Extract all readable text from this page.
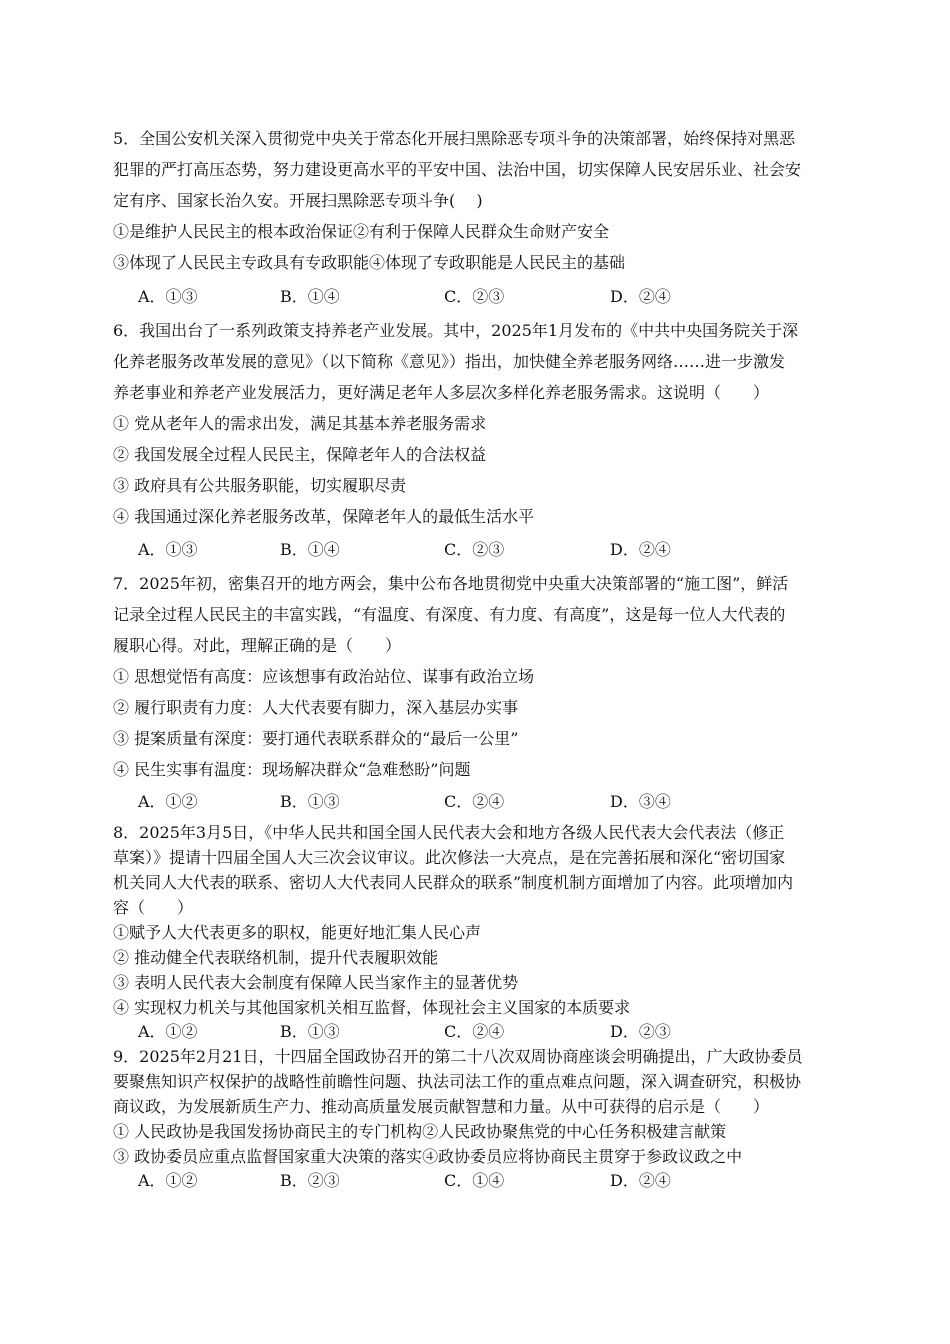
5．全国公安机关深入贯彻党中央关于常态化开展扫黑除恶专项斗争的决策部署，始终保持对黑恶
犯罪的严打高压态势，努力建设更高水平的平安中国、法治中国，切实保障人民安居乐业、社会安
定有序、国家长治久安。开展扫黑除恶专项斗争(　 )
①是维护人民民主的根本政治保证②有利于保障人民群众生命财产安全
③体现了人民民主专政具有专政职能④体现了专政职能是人民民主的基础
A．①③	B．①④	C．②③	D．②④
6．我国出台了一系列政策支持养老产业发展。其中，2025年1月发布的《中共中央国务院关于深
化养老服务改革发展的意见》（以下简称《意见》）指出，加快健全养老服务网络……进一步激发
养老事业和养老产业发展活力，更好满足老年人多层次多样化养老服务需求。这说明（　　）
① 党从老年人的需求出发，满足其基本养老服务需求
② 我国发展全过程人民民主，保障老年人的合法权益
③ 政府具有公共服务职能，切实履职尽责
④ 我国通过深化养老服务改革，保障老年人的最低生活水平
A．①③	B．①④	C．②③	D．②④
7．2025年初，密集召开的地方两会，集中公布各地贯彻党中央重大决策部署的“施工图”，鲜活
记录全过程人民民主的丰富实践，“有温度、有深度、有力度、有高度”，这是每一位人大代表的
履职心得。对此，理解正确的是（　　）
① 思想觉悟有高度：应该想事有政治站位、谋事有政治立场
② 履行职责有力度：人大代表要有脚力，深入基层办实事
③ 提案质量有深度：要打通代表联系群众的“最后一公里”
④ 民生实事有温度：现场解决群众“急难愁盼”问题
A．①②	B．①③	C．②④	D．③④
8．2025年3月5日，《中华人民共和国全国人民代表大会和地方各级人民代表大会代表法（修正
草案）》提请十四届全国人大三次会议审议。此次修法一大亮点，是在完善拓展和深化“密切国家
机关同人大代表的联系、密切人大代表同人民群众的联系”制度机制方面增加了内容。此项增加内
容（　　）
①赋予人大代表更多的职权，能更好地汇集人民心声
② 推动健全代表联络机制，提升代表履职效能
③ 表明人民代表大会制度有保障人民当家作主的显著优势
④ 实现权力机关与其他国家机关相互监督，体现社会主义国家的本质要求
A．①②	B．①③	C．②④	D．②③
9．2025年2月21日，十四届全国政协召开的第二十八次双周协商座谈会明确提出，广大政协委员
要聚焦知识产权保护的战略性前瞻性问题、执法司法工作的重点难点问题，深入调查研究，积极协
商议政，为发展新质生产力、推动高质量发展贡献智慧和力量。从中可获得的启示是（　　）
① 人民政协是我国发扬协商民主的专门机构②人民政协聚焦党的中心任务积极建言献策
③ 政协委员应重点监督国家重大决策的落实④政协委员应将协商民主贯穿于参政议政之中
A．①②	B．②③	C．①④	D．②④
